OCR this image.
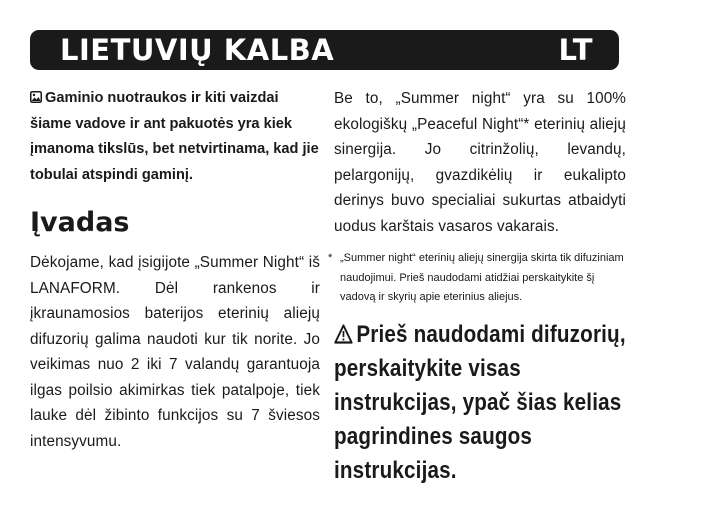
LIETUVIŲ KALBA	LT

Gaminio nuotraukos ir kiti vaizdai šiame vadove ir ant pakuotės yra kiek įmanoma tikslūs, bet netvirtinama, kad jie tobulai atspindi gaminį.

Įvadas

Dėkojame, kad įsigijote „Summer Night“ iš LANAFORM. Dėl rankenos ir įkraunamosios baterijos eterinių aliejų difuzorių galima naudoti kur tik norite. Jo veikimas nuo 2 iki 7 valandų garantuoja ilgas poilsio akimirkas tiek patalpoje, tiek lauke dėl žibinto funkcijos su 7 šviesos intensyvumu.

Be to, „Summer night“ yra su 100% ekologiškų „Peaceful Night“* eterinių aliejų sinergija. Jo citrinžolių, levandų, pelargonijų, gvazdikėlių ir eukalipto derinys buvo specialiai sukurtas atbaidyti uodus karštais vasaros vakarais.

* „Summer night“ eterinių aliejų sinergija skirta tik difuziniam naudojimui. Prieš naudodami atidžiai perskaitykite šį vadovą ir skyrių apie eterinius aliejus.

Prieš naudodami difuzorių, perskaitykite visas instrukcijas, ypač šias kelias pagrindines saugos instrukcijas.
